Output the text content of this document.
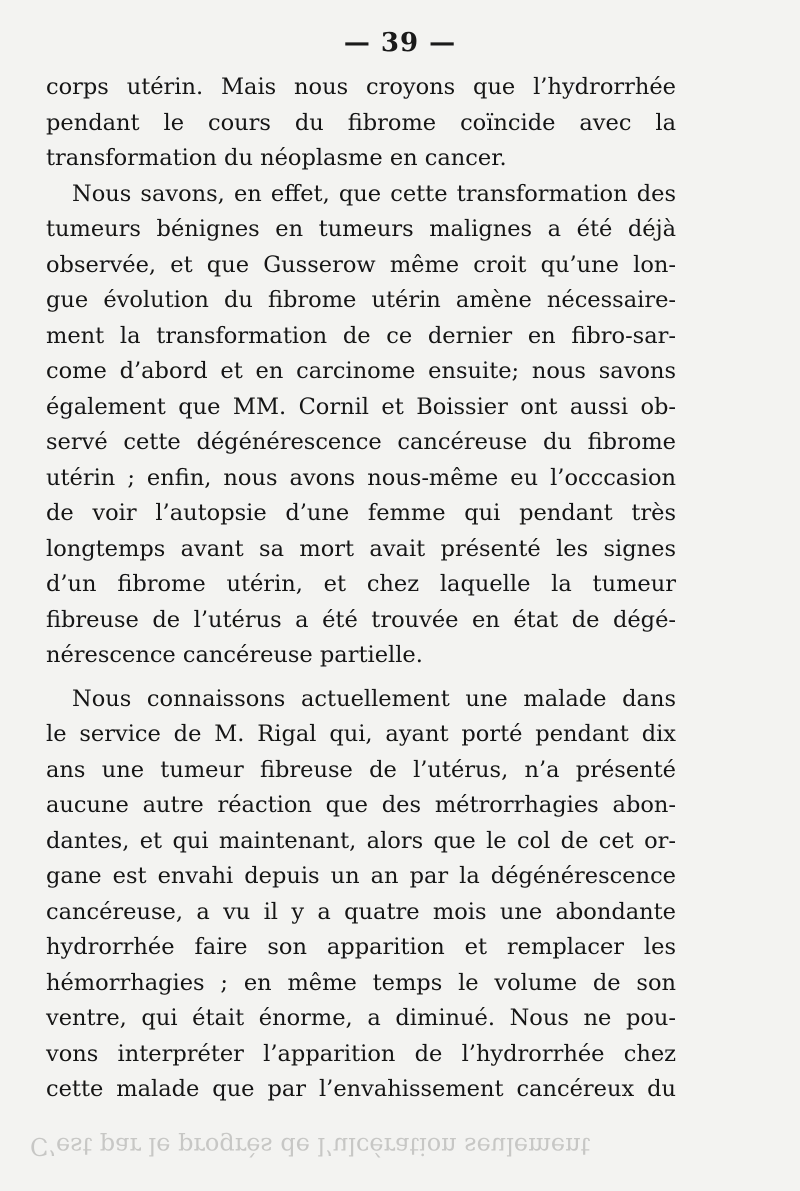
C’est par le progrès de l’ulcération seulement
— 39 —
corps utérin. Mais nous croyons que l’hydrorrhée
pendant le cours du fibrome coïncide avec la
transformation du néoplasme en cancer.
Nous savons, en effet, que cette transformation des
tumeurs bénignes en tumeurs malignes a été déjà
observée, et que Gusserow même croit qu’une lon-
gue évolution du fibrome utérin amène nécessaire-
ment la transformation de ce dernier en fibro-sar-
come d’abord et en carcinome ensuite; nous savons
également que MM. Cornil et Boissier ont aussi ob-
servé cette dégénérescence cancéreuse du fibrome
utérin ; enfin, nous avons nous-même eu l’occcasion
de voir l’autopsie d’une femme qui pendant très
longtemps avant sa mort avait présenté les signes
d’un fibrome utérin, et chez laquelle la tumeur
fibreuse de l’utérus a été trouvée en état de dégé-
nérescence cancéreuse partielle.
Nous connaissons actuellement une malade dans
le service de M. Rigal qui, ayant porté pendant dix
ans une tumeur fibreuse de l’utérus, n’a présenté
aucune autre réaction que des métrorrhagies abon-
dantes, et qui maintenant, alors que le col de cet or-
gane est envahi depuis un an par la dégénérescence
cancéreuse, a vu il y a quatre mois une abondante
hydrorrhée faire son apparition et remplacer les
hémorrhagies ; en même temps le volume de son
ventre, qui était énorme, a diminué. Nous ne pou-
vons interpréter l’apparition de l’hydrorrhée chez
cette malade que par l’envahissement cancéreux du
